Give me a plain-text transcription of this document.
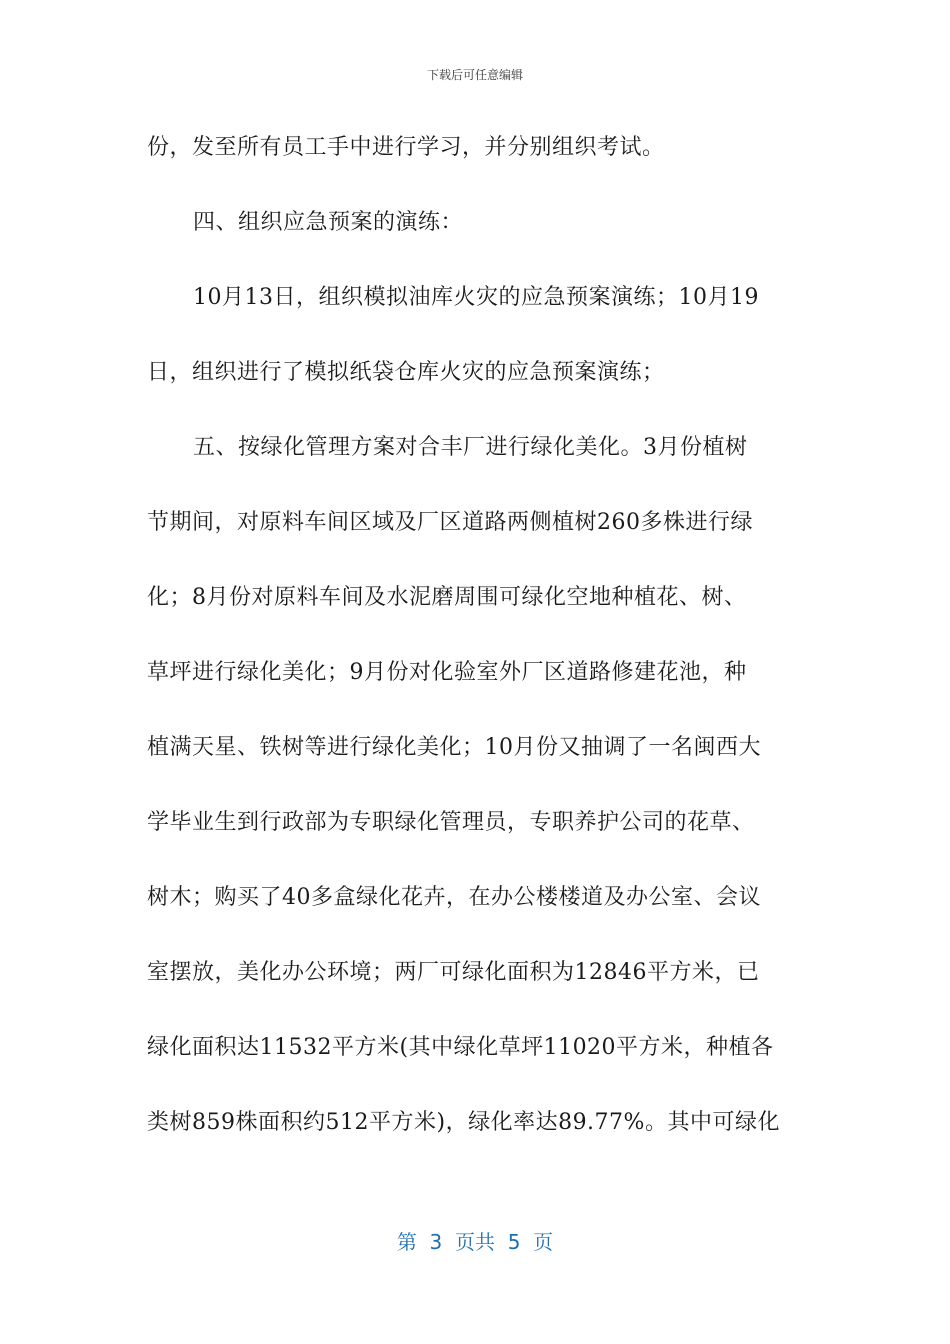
下载后可任意编辑
份，发至所有员工手中进行学习，并分别组织考试。
四、组织应急预案的演练：
10月13日，组织模拟油库火灾的应急预案演练；10月19
日，组织进行了模拟纸袋仓库火灾的应急预案演练；
五、按绿化管理方案对合丰厂进行绿化美化。3月份植树
节期间，对原料车间区域及厂区道路两侧植树260多株进行绿
化；8月份对原料车间及水泥磨周围可绿化空地种植花、树、
草坪进行绿化美化；9月份对化验室外厂区道路修建花池，种
植满天星、铁树等进行绿化美化；10月份又抽调了一名闽西大
学毕业生到行政部为专职绿化管理员，专职养护公司的花草、
树木；购买了40多盒绿化花卉，在办公楼楼道及办公室、会议
室摆放，美化办公环境；两厂可绿化面积为12846平方米，已
绿化面积达11532平方米(其中绿化草坪11020平方米，种植各
类树859株面积约512平方米)，绿化率达89.77%。其中可绿化
第  3  页共  5  页
